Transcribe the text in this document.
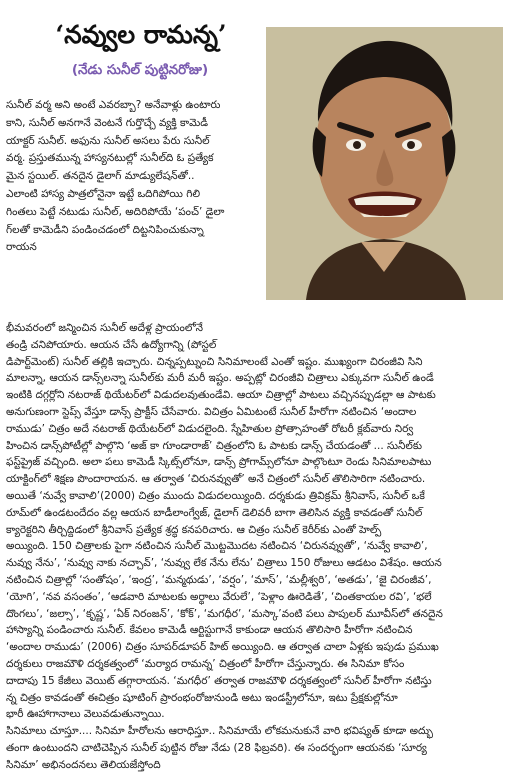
‘నవ్వుల రామన్న’
(నేడు సునీల్ పుట్టినరోజు)
సునీల్ వర్మ అని అంటే ఎవరబ్బా? అనేవాళ్లు ఉంటారు
కాని, సునీల్ అనగానే వెంటనే గుర్తొచ్చే వ్యక్తి కామెడీ
యాక్టర్ సునీల్. అఫును సునీల్ అసలు పేరు సునీల్
వర్మ. ప్రస్తుతమున్న హాస్యనటుల్లో సునీల్‌ది ఓ ప్రత్యేక
మైన స్టయిల్. తనదైన డైలాగ్ మాడ్యులేషన్‌తో..
ఎలాంటి హాస్య పాత్రలోనైనా ఇట్టే ఒదిగిపోయి గిలి
గింతలు పెట్టే నటుడు సునీల్, అదిరిపోయే ‘పంచ్’ డైలా
గ్‌లతో కామెడీని పండించడంలో దిట్టనిపించుకున్నా
రాయన
భీమవరంలో జన్మించిన సునీల్ అదేళ్ల ప్రాయంలోనే
తండ్రి చనిపోయారు. ఆయన చేసే ఉద్యోగాన్ని (పోస్టల్
డిపార్ట్‌మెంట్) సునీల్ తల్లికి ఇచ్చారు. చిన్నప్పట్నుంచి సినిమాలంటే ఎంతో ఇష్టం. ముఖ్యంగా చిరంజీవి సిని
మాలన్నా, ఆయన డాన్స్‌లన్నా సునీల్‌కు మరీ మరీ ఇష్టం. అప్పట్లో చిరంజీవి చిత్రాలు ఎక్కువగా సునీల్ ఉండే
ఇంటికి దగ్గర్లోని నటరాజ్ థియేటర్‌లో విడుదలవుతుండేవి. ఆయా చిత్రాల్లో పాటలు వచ్చినప్పుడల్లా ఆ పాటకు
అనుగుణంగా స్టెప్స్ వేస్తూ డాన్స్ ప్రాక్టీస్ చేసేవారు. విచిత్రం ఏమిటంటే సునీల్ హీరోగా నటించిన ‘అందాల
రాముడు’ చిత్రం అదే నటరాజ్ థియేటర్‌లో విడుదలైంది. స్నేహితుల ప్రోత్సాహంతో రోటరీ క్లబ్‌వారు నిర్వ
హించిన డాన్స్‌పోటీల్లో పాల్గొని ‘అజ్ కా గూండారాజ్’ చిత్రంలోని ఓ పాటకు డాన్స్ చేయడంతో ... సునీల్‌కు
ఫస్ట్‌ప్రైజ్ వచ్చింది. అలా పలు కామెడీ స్కిట్స్‌లోనూ, డాన్స్ ప్రోగామ్స్‌లోనూ పాల్గొంటూ రెండు సినిమాలపాటు
యాక్టింగ్‌లో శిక్షణ పొందారాయన. ఆ తర్వాత ‘చిరునవ్వుతో’ అనే చిత్రంలో సునీల్ తొలిసారిగా నటించారు.
అయితే ‘నువ్వే కావాలి’(2000) చిత్రం ముందు విడుదలయ్యింది. దర్శకుడు త్రివిక్రమ్ శ్రీనివాస్, సునీల్ ఒకే
రూమ్‌లో ఉండటందేదం వల్ల ఆయన బాడీలాంగ్వేజ్, డైలాగ్ డెలివరీ బాగా తెలిసిన వ్యక్తి కావడంతో సునీల్
క్యారెక్టరిని తీర్చిద్దిడంలో శ్రీనివాస్ ప్రత్యేక శ్రద్ధ కనపరిచారు. ఆ చిత్రం సునీల్ కెరీర్‌కు ఎంతో హెల్ప్
అయ్యింది. 150 చిత్రాలకు పైగా నటించిన సునీల్ మొట్టమొదట నటించిన ‘చిరునవ్వుతో’, ‘నువ్వే కావాలి’,
నువ్వు నేను’, ‘నువ్వు నాకు నచ్చావ్’, ‘నువ్వు లేక నేను లేను’ చిత్రాలు 150 రోజులు ఆడటం విశేషం. ఆయన
నటించిన చిత్రాల్లో ‘సంతోషం’, ‘ఇంద్ర’, ‘మన్మథుడు’, ‘వర్షం’, ‘మాస్’, ‘మల్లీశ్వరి’, ‘అతడు’, ‘జై చిరంజీవ’,
‘యోగి’, ‘నవ వసంతం’, ‘ఆడవారి మాటలకు అర్థాలు వేరులే’, ‘పెళ్లాం ఊరెడితే’, ‘చింతకాయల రవి’, ‘భలే
దొంగలు’, ‘జల్సా’, ‘కృష్ణ’, ‘ఏక్ నిరంజన్’, ‘కోక్’, ‘మగధీర’, ‘మస్కా’వంటి పలు పాపులర్ మూవీస్‌లో తనదైన
హాస్యాన్ని పండించారు సునీల్. కేవలం కామెడీ ఆర్టిస్టుగానే కాకుండా ఆయన తొలిసారి హీరోగా నటించిన
‘అందాల రాముడు’ (2006) చిత్రం సూపర్‌డూపర్ హిట్ అయ్యింది. ఆ తర్వాత చాలా ఏళ్లకు ఇపుడు ప్రముఖ
దర్శకులు రాజమౌళి దర్శకత్వంలో ‘మర్యాద రామన్న’ చిత్రంలో హీరోగా చేస్తున్నారు. ఈ సినిమా కోసం
దాదాపు 15 కేజీలు వెయిట్ తగ్గారాయన. ‘మగధీర’ తర్వాత రాజమౌళి దర్శకత్వంలో సునీల్ హీరోగా నటిస్తు
న్న చిత్రం కావడంతో ఈచిత్రం షూటింగ్ ప్రారంభంరోజునుండి అటు ఇండస్ట్రీలోనూ, ఇటు ప్రేక్షకుల్లోనూ
భారీ ఊహాగానాలు వెలువడుతున్నాయి.
సినిమాలు చూస్తూ.... సినిమా హీరోలను ఆరాధిస్తూ.. సినిమాయే లోకమనుకునే వారి భవిష్యత్ కూడా అద్భు
తంగా ఉంటుందని చాటిచెప్పిన సునీల్ పుట్టిన రోజు నేడు (28 ఫిబ్రవరి). ఈ సందర్భంగా ఆయనకు ‘సూర్య
సినిమా’ అభినందనలు తెలియజేస్తోంది
